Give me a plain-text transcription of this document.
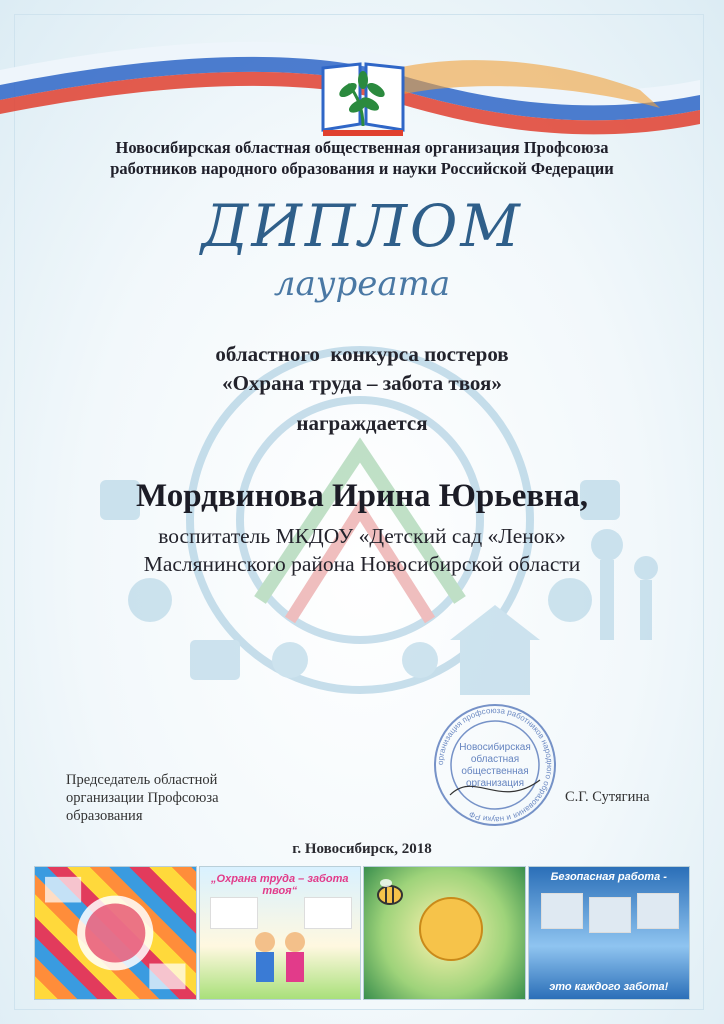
Новосибирская областная общественная организация Профсоюза
работников народного образования и науки Российской Федерации
ДИПЛОМ
лауреата
областного  конкурса постеров
«Охрана труда – забота твоя»
награждается
Мордвинова Ирина Юрьевна,
воспитатель МКДОУ «Детский сад «Ленок»
Маслянинского района Новосибирской области
Председатель областной
организации Профсоюза
образования
организация профсоюза работников народного образования и науки РФ
Новосибирская
областная
общественная
организация
С.Г. Сутягина
г. Новосибирск, 2018
„Охрана труда – забота твоя“
Безопасная работа -
это каждого забота!
